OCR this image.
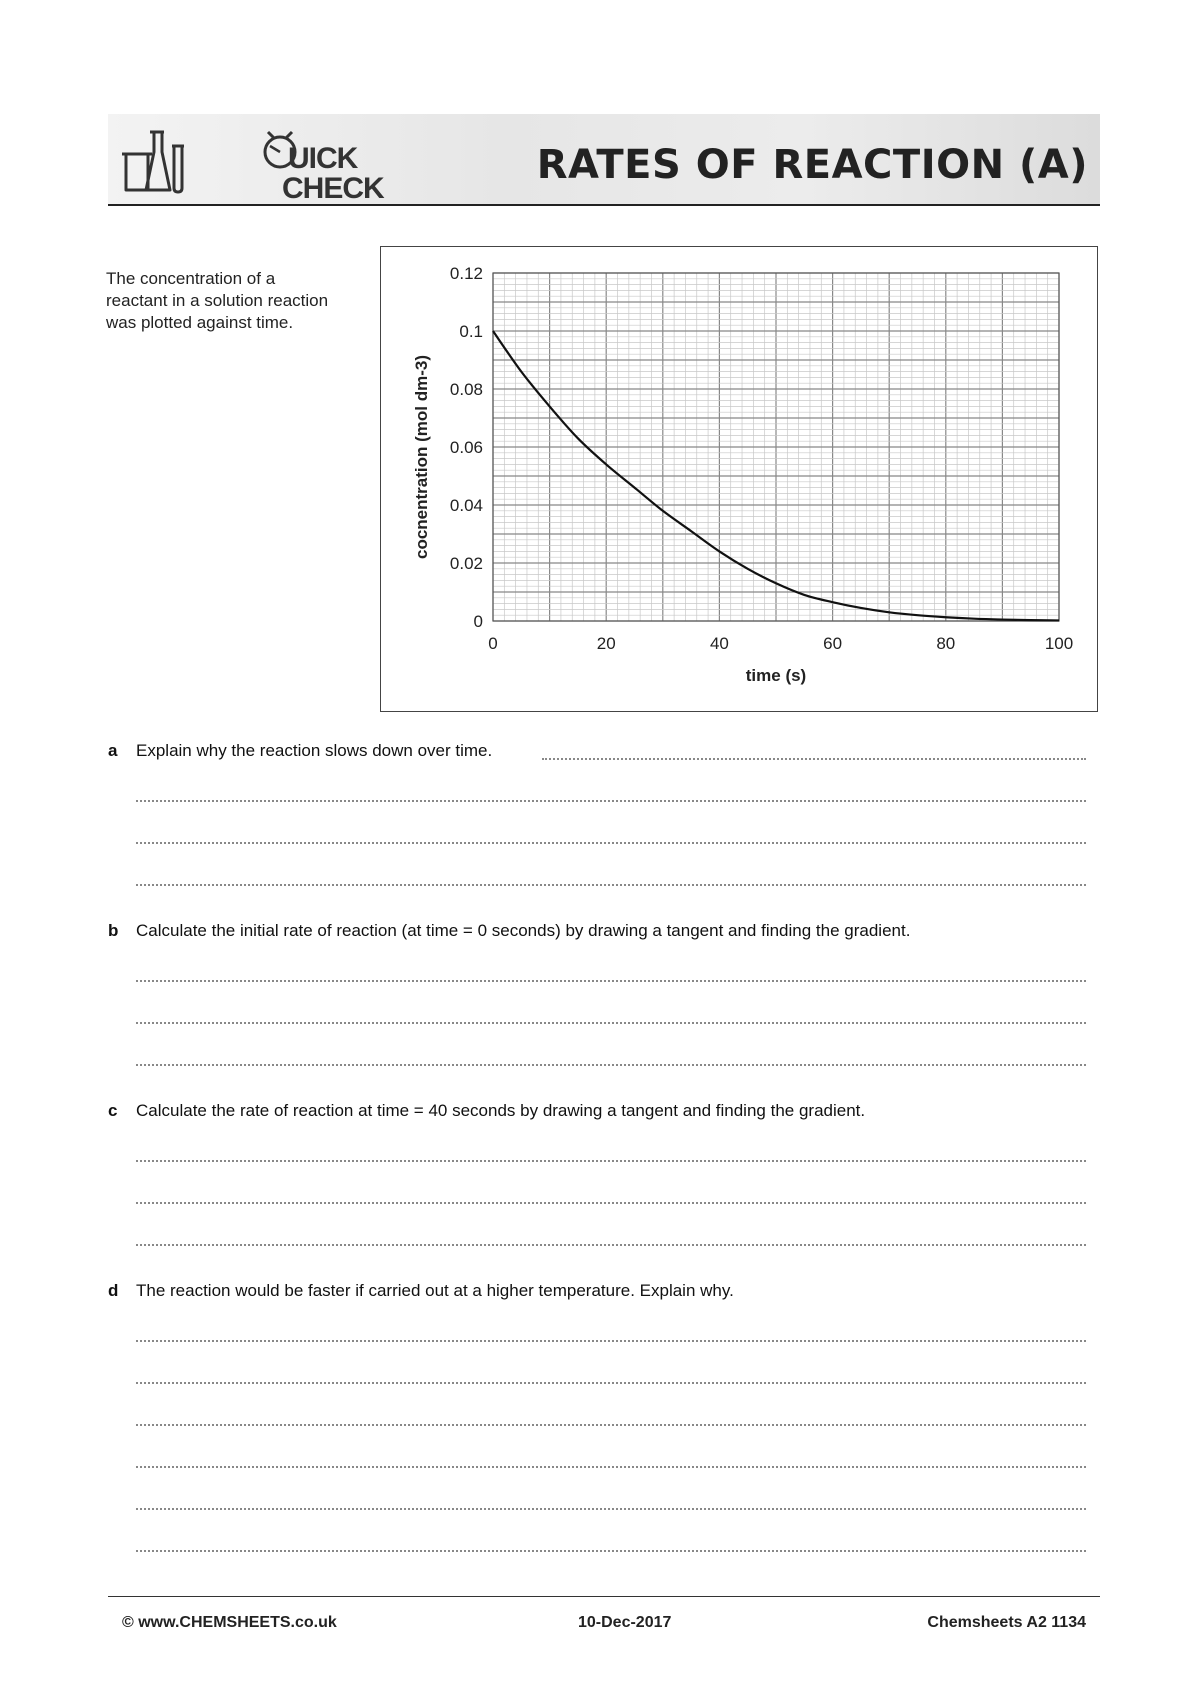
UICK
CHECK
RATES OF REACTION (A)
The concentration of a reactant in a solution reaction was plotted against time.
0	20	40	60	80	100
0
0.02
0.04
0.06
0.08
0.1
0.12
time (s)
cocnentration (mol dm-3)
a Explain why the reaction slows down over time.
b Calculate the initial rate of reaction (at time = 0 seconds) by drawing a tangent and finding the gradient.
c Calculate the rate of reaction at time = 40 seconds by drawing a tangent and finding the gradient.
d The reaction would be faster if carried out at a higher temperature. Explain why.
© www.CHEMSHEETS.co.uk	10-Dec-2017	Chemsheets A2 1134
